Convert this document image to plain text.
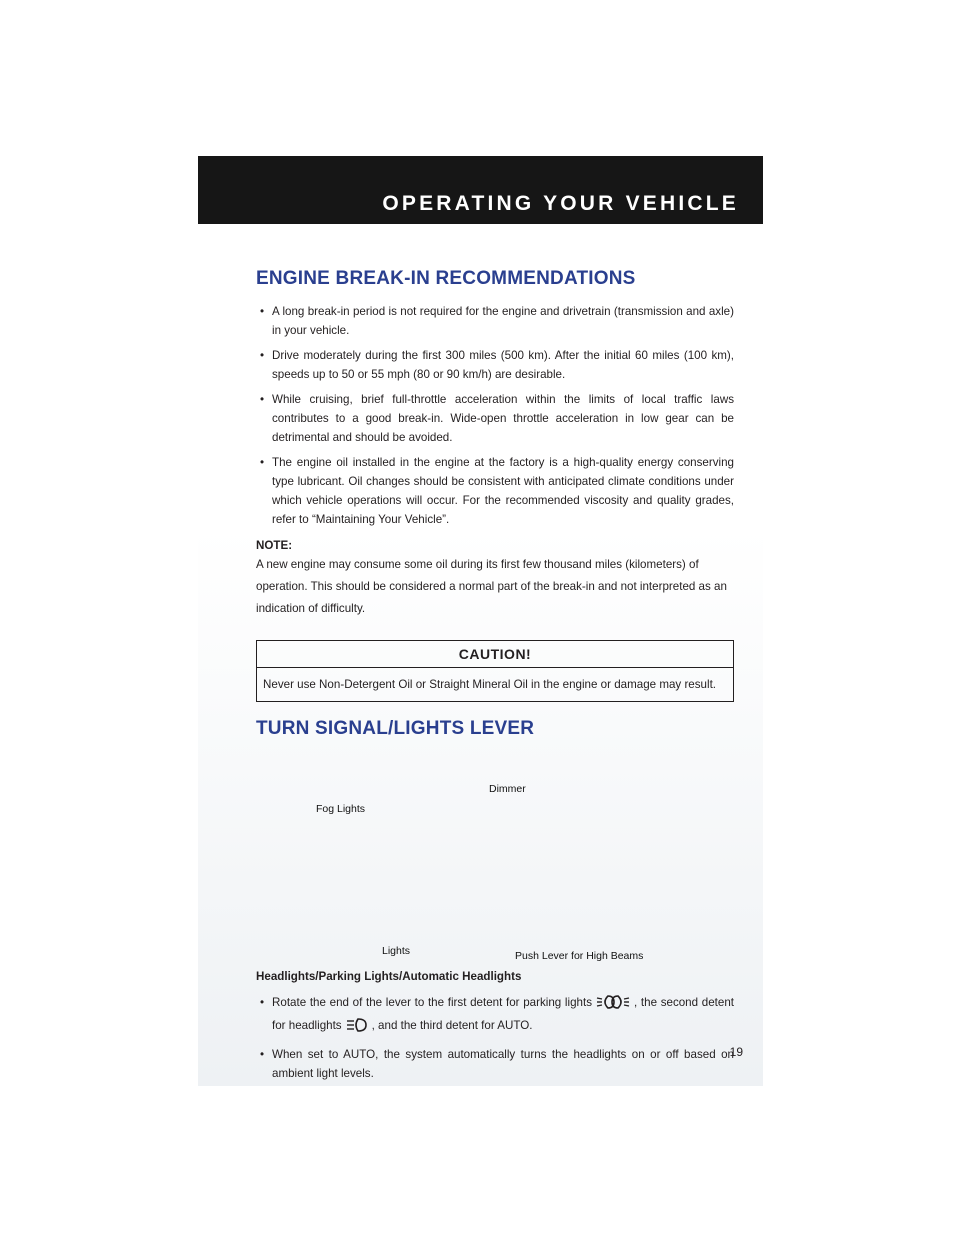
OPERATING YOUR VEHICLE
ENGINE BREAK-IN RECOMMENDATIONS
• A long break-in period is not required for the engine and drivetrain (transmission and axle) in your vehicle.
• Drive moderately during the first 300 miles (500 km). After the initial 60 miles (100 km), speeds up to 50 or 55 mph (80 or 90 km/h) are desirable.
• While cruising, brief full-throttle acceleration within the limits of local traffic laws contributes to a good break-in. Wide-open throttle acceleration in low gear can be detrimental and should be avoided.
• The engine oil installed in the engine at the factory is a high-quality energy conserving type lubricant. Oil changes should be consistent with anticipated climate conditions under which vehicle operations will occur. For the recommended viscosity and quality grades, refer to “Maintaining Your Vehicle”.
NOTE:
A new engine may consume some oil during its first few thousand miles (kilometers) of operation. This should be considered a normal part of the break-in and not interpreted as an indication of difficulty.
CAUTION!
Never use Non-Detergent Oil or Straight Mineral Oil in the engine or damage may result.
TURN SIGNAL/LIGHTS LEVER
Dimmer
Fog Lights
Lights	Push Lever for High Beams
Headlights/Parking Lights/Automatic Headlights
• Rotate the end of the lever to the first detent for parking lights	, the second detent for headlights	, and the third detent for AUTO.
• When set to AUTO, the system automatically turns the headlights on or off based on ambient light levels.
19
